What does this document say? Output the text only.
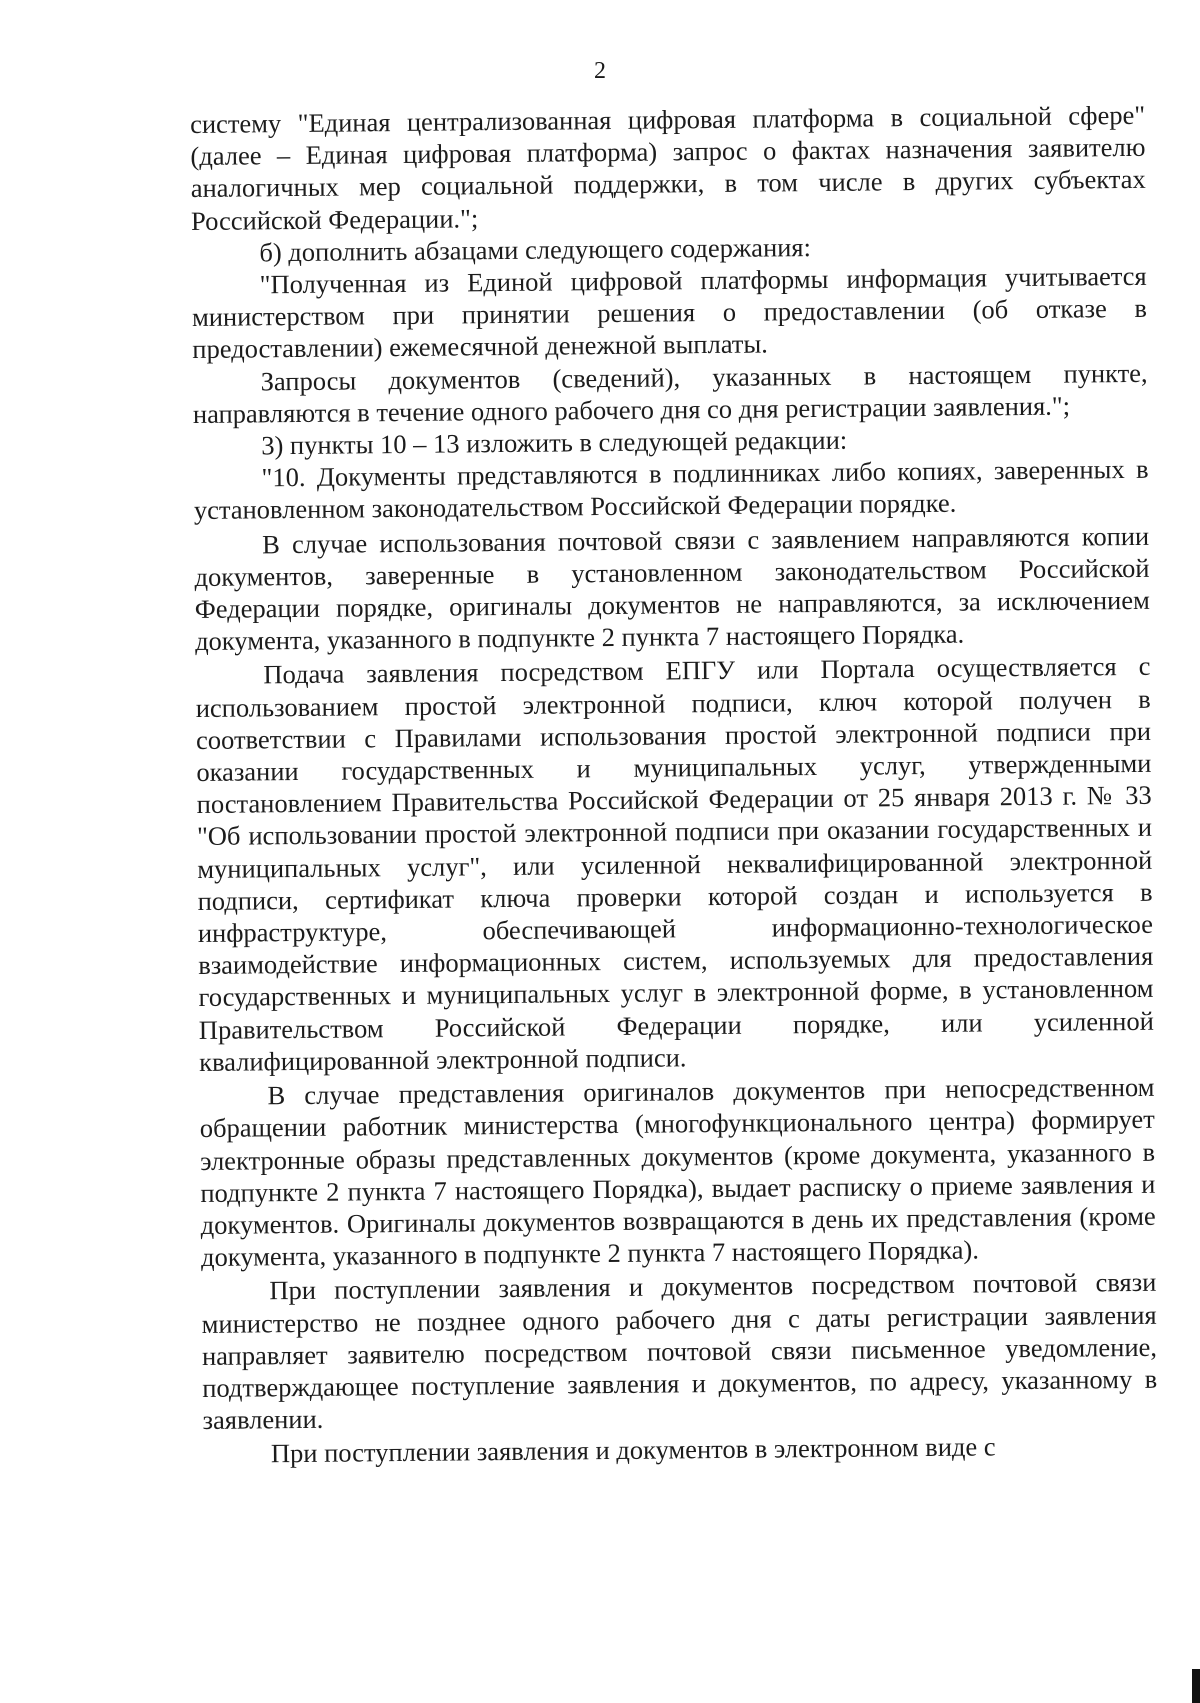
2

систему "Единая централизованная цифровая платформа в социальной сфере" (далее – Единая цифровая платформа) запрос о фактах назначения заявителю аналогичных мер социальной поддержки, в том числе в других субъектах Российской Федерации.";

б) дополнить абзацами следующего содержания:

"Полученная из Единой цифровой платформы информация учитывается министерством при принятии решения о предоставлении (об отказе в предоставлении) ежемесячной денежной выплаты.

Запросы документов (сведений), указанных в настоящем пункте, направляются в течение одного рабочего дня со дня регистрации заявления.";

3) пункты 10 – 13 изложить в следующей редакции:

"10. Документы представляются в подлинниках либо копиях, заверенных в установленном законодательством Российской Федерации порядке.

В случае использования почтовой связи с заявлением направляются копии документов, заверенные в установленном законодательством Российской Федерации порядке, оригиналы документов не направляются, за исключением документа, указанного в подпункте 2 пункта 7 настоящего Порядка.

Подача заявления посредством ЕПГУ или Портала осуществляется с использованием простой электронной подписи, ключ которой получен в соответствии с Правилами использования простой электронной подписи при оказании государственных и муниципальных услуг, утвержденными постановлением Правительства Российской Федерации от 25 января 2013 г. № 33 "Об использовании простой электронной подписи при оказании государственных и муниципальных услуг", или усиленной неквалифицированной электронной подписи, сертификат ключа проверки которой создан и используется в инфраструктуре, обеспечивающей информационно-технологическое взаимодействие информационных систем, используемых для предоставления государственных и муниципальных услуг в электронной форме, в установленном Правительством Российской Федерации порядке, или усиленной квалифицированной электронной подписи.

В случае представления оригиналов документов при непосредственном обращении работник министерства (многофункционального центра) формирует электронные образы представленных документов (кроме документа, указанного в подпункте 2 пункта 7 настоящего Порядка), выдает расписку о приеме заявления и документов. Оригиналы документов возвращаются в день их представления (кроме документа, указанного в подпункте 2 пункта 7 настоящего Порядка).

При поступлении заявления и документов посредством почтовой связи министерство не позднее одного рабочего дня с даты регистрации заявления направляет заявителю посредством почтовой связи письменное уведомление, подтверждающее поступление заявления и документов, по адресу, указанному в заявлении.

При поступлении заявления и документов в электронном виде с
